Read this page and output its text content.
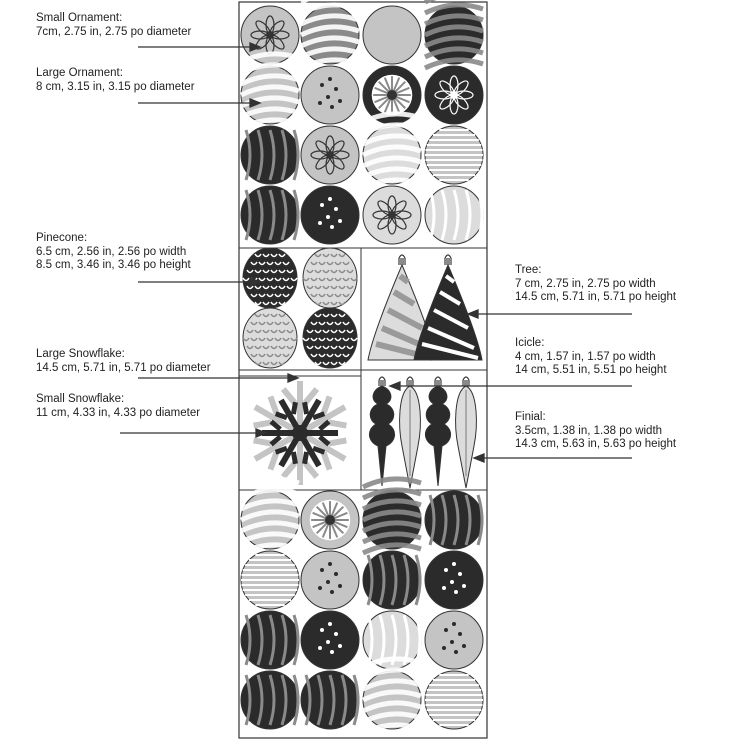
Small Ornament:
7cm, 2.75 in, 2.75 po diameter
Large Ornament:
8 cm, 3.15 in, 3.15 po diameter
Pinecone:
6.5 cm, 2.56 in, 2.56 po width
8.5 cm, 3.46 in, 3.46 po height
Large Snowflake:
14.5 cm, 5.71 in, 5.71 po diameter
Small Snowflake:
11 cm, 4.33 in, 4.33 po diameter
Tree:
7 cm, 2.75 in, 2.75 po width
14.5 cm, 5.71 in, 5.71 po height
Icicle:
4 cm, 1.57 in, 1.57 po width
14 cm, 5.51 in, 5.51 po height
Finial:
3.5cm, 1.38 in, 1.38 po width
14.3 cm, 5.63 in, 5.63 po height
